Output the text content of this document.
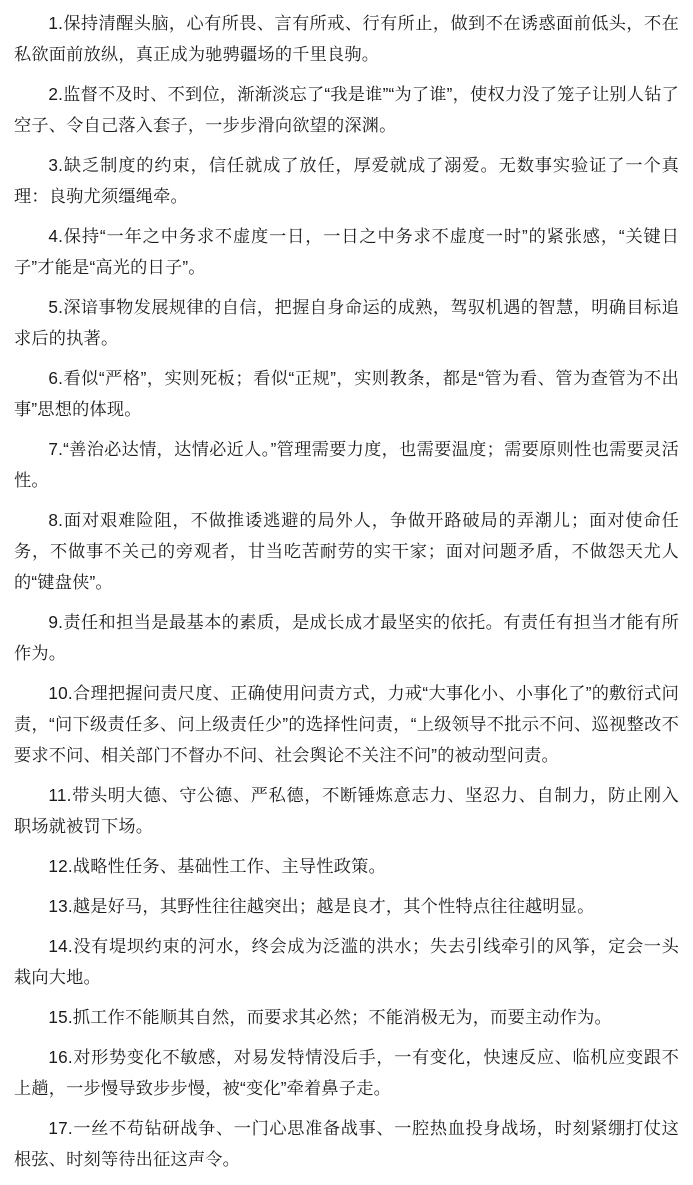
1.保持清醒头脑，心有所畏、言有所戒、行有所止，做到不在诱惑面前低头，不在私欲面前放纵，真正成为驰骋疆场的千里良驹。

2.监督不及时、不到位，渐渐淡忘了“我是谁”“为了谁”，使权力没了笼子让别人钻了空子、令自己落入套子，一步步滑向欲望的深渊。

3.缺乏制度的约束，信任就成了放任，厚爱就成了溺爱。无数事实验证了一个真理：良驹尤须缰绳牵。

4.保持“一年之中务求不虚度一日，一日之中务求不虚度一时”的紧张感，“关键日子”才能是“高光的日子”。

5.深谙事物发展规律的自信，把握自身命运的成熟，驾驭机遇的智慧，明确目标追求后的执著。

6.看似“严格”，实则死板；看似“正规”，实则教条，都是“管为看、管为查管为不出事”思想的体现。

7.“善治必达情，达情必近人。”管理需要力度，也需要温度；需要原则性也需要灵活性。

8.面对艰难险阻，不做推诿逃避的局外人，争做开路破局的弄潮儿；面对使命任务，不做事不关己的旁观者，甘当吃苦耐劳的实干家；面对问题矛盾，不做怨天尤人的“键盘侠”。

9.责任和担当是最基本的素质，是成长成才最坚实的依托。有责任有担当才能有所作为。

10.合理把握问责尺度、正确使用问责方式，力戒“大事化小、小事化了”的敷衍式问责，“问下级责任多、问上级责任少”的选择性问责，“上级领导不批示不问、巡视整改不要求不问、相关部门不督办不问、社会舆论不关注不问”的被动型问责。

11.带头明大德、守公德、严私德，不断锤炼意志力、坚忍力、自制力，防止刚入职场就被罚下场。

12.战略性任务、基础性工作、主导性政策。

13.越是好马，其野性往往越突出；越是良才，其个性特点往往越明显。

14.没有堤坝约束的河水，终会成为泛滥的洪水；失去引线牵引的风筝，定会一头栽向大地。

15.抓工作不能顺其自然，而要求其必然；不能消极无为，而要主动作为。

16.对形势变化不敏感，对易发特情没后手，一有变化，快速反应、临机应变跟不上趟，一步慢导致步步慢，被“变化”牵着鼻子走。

17.一丝不苟钻研战争、一门心思准备战事、一腔热血投身战场，时刻紧绷打仗这根弦、时刻等待出征这声令。
